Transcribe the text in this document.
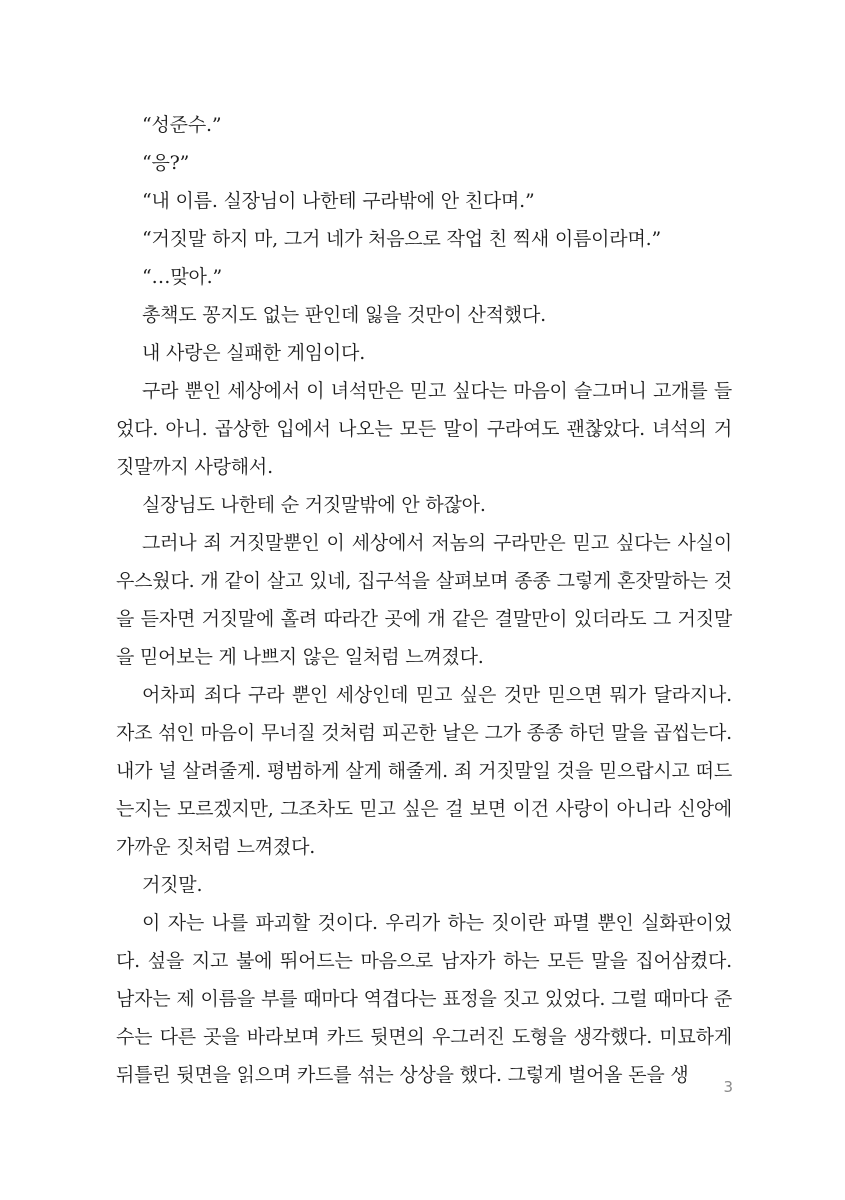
“성준수.”

“응?”

“내 이름. 실장님이 나한테 구라밖에 안 친다며.”

“거짓말 하지 마, 그거 네가 처음으로 작업 친 찍새 이름이라며.”

“…맞아.”

총책도 꽁지도 없는 판인데 잃을 것만이 산적했다.

내 사랑은 실패한 게임이다.

구라 뿐인 세상에서 이 녀석만은 믿고 싶다는 마음이 슬그머니 고개를 들었다. 아니. 곱상한 입에서 나오는 모든 말이 구라여도 괜찮았다. 녀석의 거짓말까지 사랑해서.

실장님도 나한테 순 거짓말밖에 안 하잖아.

그러나 죄 거짓말뿐인 이 세상에서 저놈의 구라만은 믿고 싶다는 사실이 우스웠다. 개 같이 살고 있네, 집구석을 살펴보며 종종 그렇게 혼잣말하는 것을 듣자면 거짓말에 홀려 따라간 곳에 개 같은 결말만이 있더라도 그 거짓말을 믿어보는 게 나쁘지 않은 일처럼 느껴졌다.

어차피 죄다 구라 뿐인 세상인데 믿고 싶은 것만 믿으면 뭐가 달라지나. 자조 섞인 마음이 무너질 것처럼 피곤한 날은 그가 종종 하던 말을 곱씹는다. 내가 널 살려줄게. 평범하게 살게 해줄게. 죄 거짓말일 것을 믿으랍시고 떠드는지는 모르겠지만, 그조차도 믿고 싶은 걸 보면 이건 사랑이 아니라 신앙에 가까운 짓처럼 느껴졌다.

거짓말.

이 자는 나를 파괴할 것이다. 우리가 하는 짓이란 파멸 뿐인 실화판이었다. 섶을 지고 불에 뛰어드는 마음으로 남자가 하는 모든 말을 집어삼켰다. 남자는 제 이름을 부를 때마다 역겹다는 표정을 짓고 있었다. 그럴 때마다 준수는 다른 곳을 바라보며 카드 뒷면의 우그러진 도형을 생각했다. 미묘하게 뒤틀린 뒷면을 읽으며 카드를 섞는 상상을 했다. 그렇게 벌어올 돈을 생

3
